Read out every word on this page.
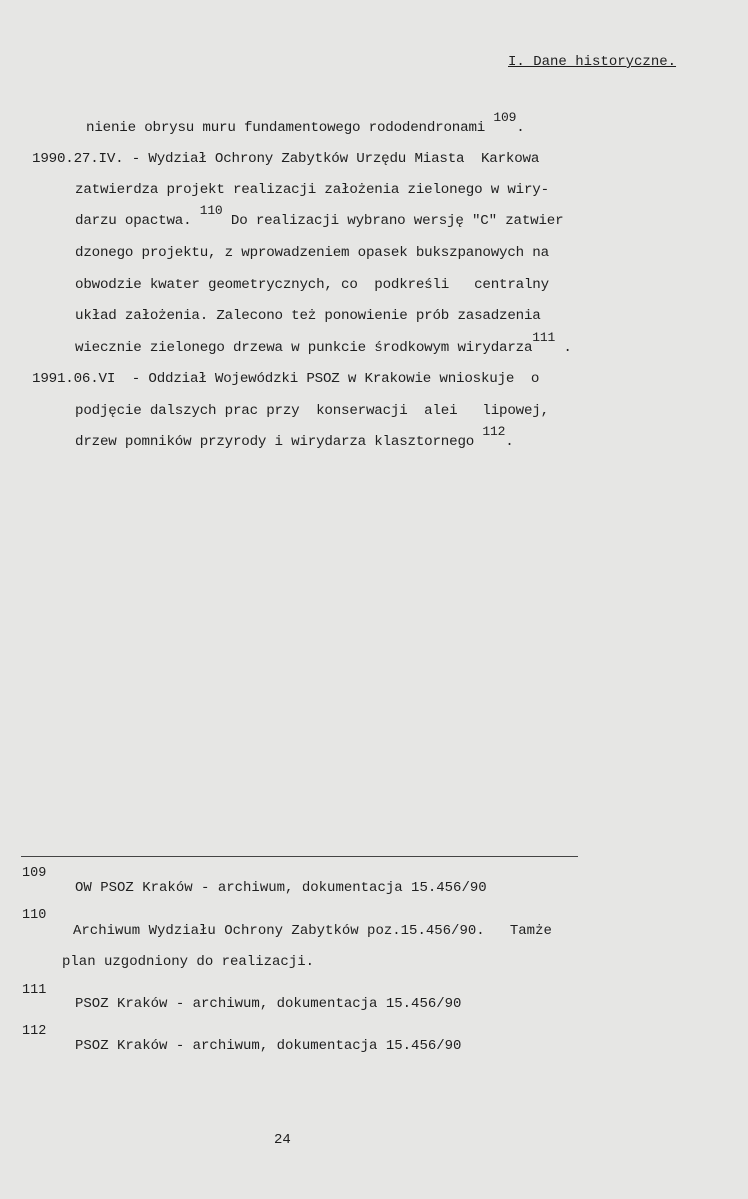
I. Dane historyczne.
nienie obrysu muru fundamentowego rododendronami $^{109}$.
1990.27.IV. - Wydział Ochrony Zabytków Urzędu Miasta  Karkowa
zatwierdza projekt realizacji założenia zielonego w wiry-
darzu opactwa. $^{110}$ Do realizacji wybrano wersję "C" zatwier
dzonego projektu, z wprowadzeniem opasek bukszpanowych na
obwodzie kwater geometrycznych, co  podkreśli   centralny
układ założenia. Zalecono też ponowienie prób zasadzenia
wiecznie zielonego drzewa w punkcie środkowym wirydarza$^{111}$ .
1991.06.VI  - Oddział Wojewódzki PSOZ w Krakowie wnioskuje  o
podjęcie dalszych prac przy  konserwacji  alei   lipowej,
drzew pomników przyrody i wirydarza klasztornego $^{112}$.
109
OW PSOZ Kraków - archiwum, dokumentacja 15.456/90
110
Archiwum Wydziału Ochrony Zabytków poz.15.456/90.   Tamże
plan uzgodniony do realizacji.
111
PSOZ Kraków - archiwum, dokumentacja 15.456/90
112
PSOZ Kraków - archiwum, dokumentacja 15.456/90
24
